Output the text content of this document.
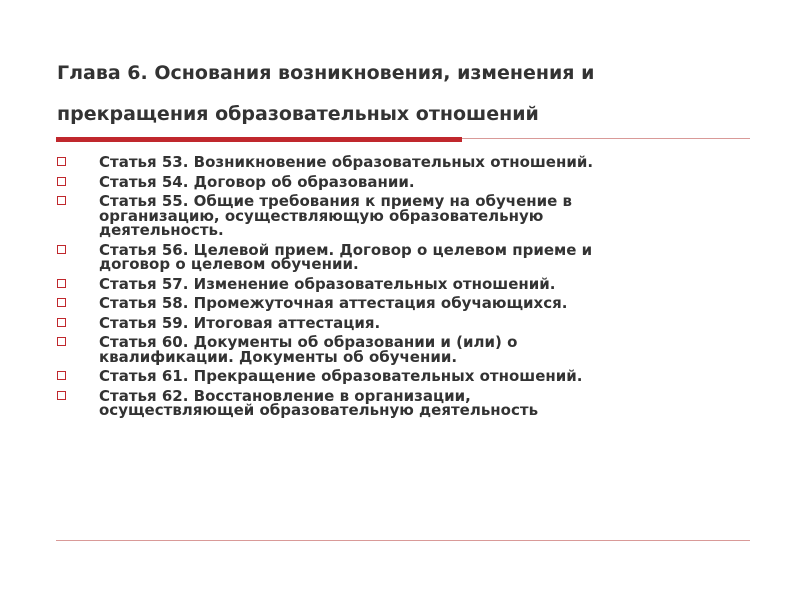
Глава 6. Основания возникновения, изменения и
прекращения образовательных отношений
Статья 53. Возникновение образовательных отношений.
Статья 54. Договор об образовании.
Статья 55. Общие требования к приему на обучение в
организацию, осуществляющую образовательную
деятельность.
Статья 56. Целевой прием. Договор о целевом приеме и
договор о целевом обучении.
Статья 57. Изменение образовательных отношений.
Статья 58. Промежуточная аттестация обучающихся.
Статья 59. Итоговая аттестация.
Статья 60. Документы об образовании и (или) о
квалификации. Документы об обучении.
Статья 61. Прекращение образовательных отношений.
Статья 62. Восстановление в организации,
осуществляющей образовательную деятельность
